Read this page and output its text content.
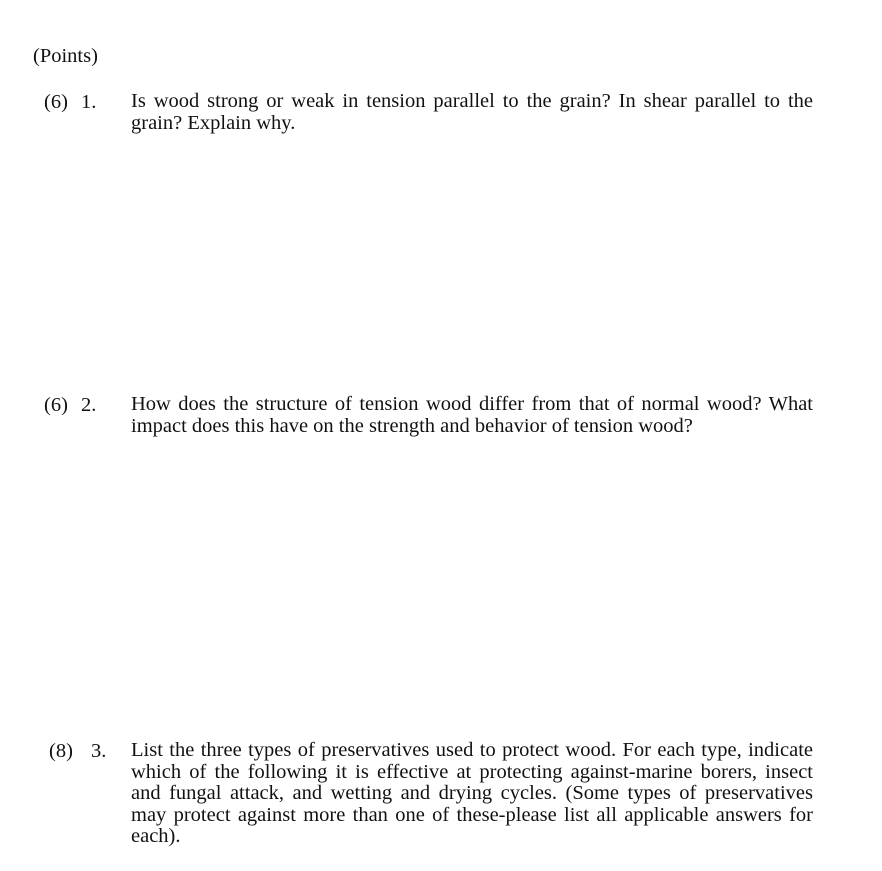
(Points)
(6) 1. Is wood strong or weak in tension parallel to the grain? In shear parallel to the grain? Explain why.
(6) 2. How does the structure of tension wood differ from that of normal wood? What impact does this have on the strength and behavior of tension wood?
(8) 3. List the three types of preservatives used to protect wood. For each type, indicate which of the following it is effective at protecting against-marine borers, insect and fungal attack, and wetting and drying cycles. (Some types of preservatives may protect against more than one of these-please list all applicable answers for each).
